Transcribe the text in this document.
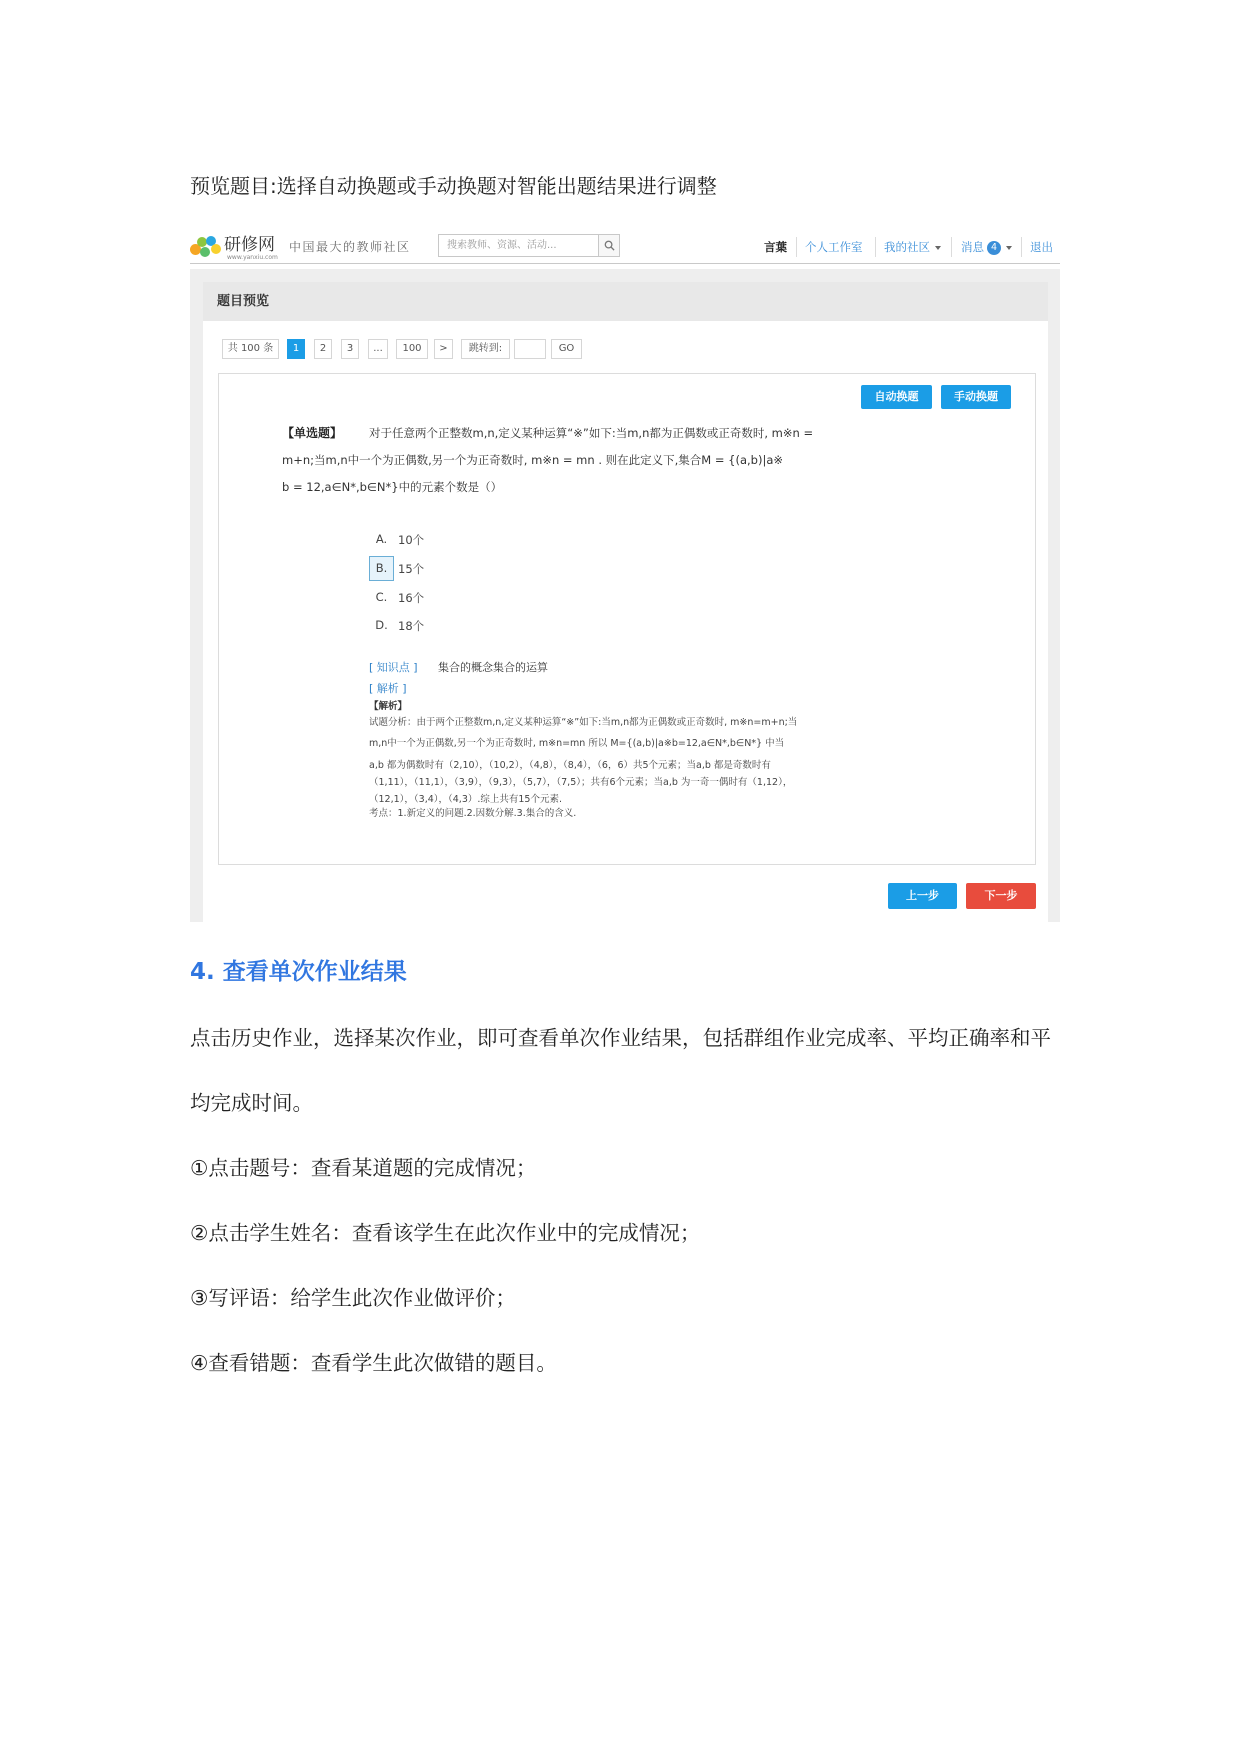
预览题目:选择自动换题或手动换题对智能出题结果进行调整
研修网
www.yanxiu.com
中国最大的教师社区
搜索教师、资源、活动...	言葉 个人工作室 我的社区	消息 4	退出
题目预览
共 100 条	1	2	3	...	100	>	跳转到:	GO
自动换题	手动换题
【单选题】 对于任意两个正整数m,n,定义某种运算“※”如下:当m,n都为正偶数或正奇数时, m※n =
m+n;当m,n中一个为正偶数,另一个为正奇数时, m※n = mn . 则在此定义下,集合M = {(a,b)|a※
b = 12,a∈N*,b∈N*}中的元素个数是（）
A. 10个
B. 15个
C. 16个
D. 18个
[ 知识点 ] 集合的概念集合的运算
[ 解析 ]
【解析】
试题分析：由于两个正整数m,n,定义某种运算“※”如下:当m,n都为正偶数或正奇数时, m※n=m+n;当
m,n中一个为正偶数,另一个为正奇数时, m※n=mn 所以 M={(a,b)|a※b=12,a∈N*,b∈N*} 中当
a,b 都为偶数时有（2,10），（10,2），（4,8），（8,4），（6，6）共5个元素；当a,b 都是奇数时有
（1,11），（11,1），（3,9），（9,3），（5,7），（7,5）；共有6个元素；当a,b 为一奇一偶时有（1,12），
（12,1），（3,4），（4,3）.综上共有15个元素.
考点：1.新定义的问题.2.因数分解.3.集合的含义.
上一步	下一步
4. 查看单次作业结果
点击历史作业，选择某次作业，即可查看单次作业结果，包括群组作业完成率、平均正确率和平均完成时间。
①点击题号：查看某道题的完成情况；
②点击学生姓名：查看该学生在此次作业中的完成情况；
③写评语：给学生此次作业做评价；
④查看错题：查看学生此次做错的题目。
